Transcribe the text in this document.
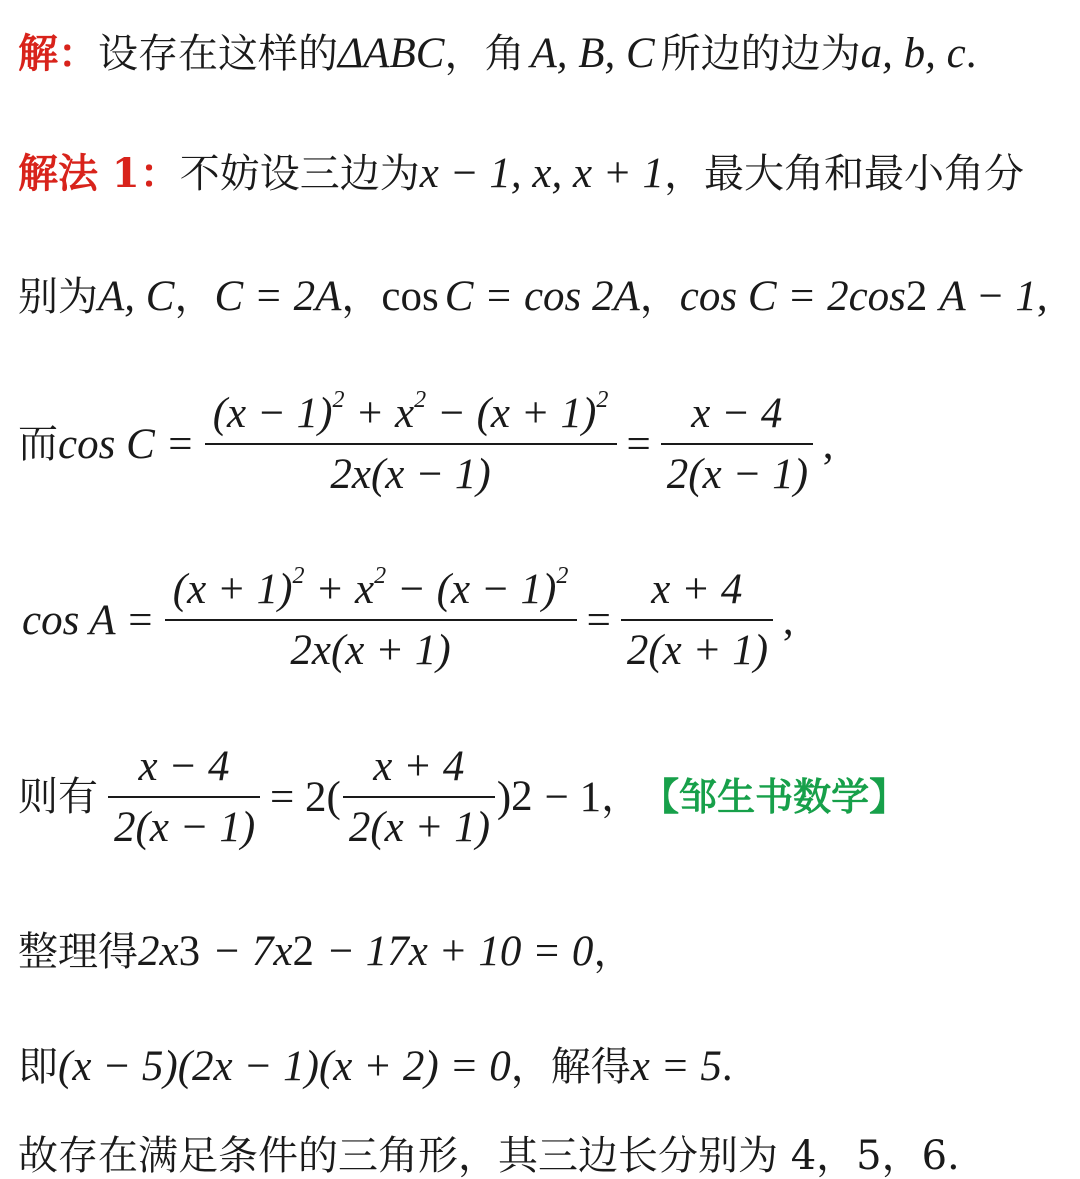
解： 设存在这样的 ΔABC ，角 A, B, C 所边的边为 a, b, c .
解法 1： 不妨设三边为 x − 1, x, x + 1 ，最大角和最小角分
别为 A, C ， C = 2A ， cos C = cos 2A ， cos C = 2cos 2 A − 1 ,
而 $\cos C = \frac{(x - 1)^2 + x^2 - (x + 1)^2}{2x(x - 1)} = \frac{x - 4}{2(x - 1)}$ ,
$\cos A = \frac{(x + 1)^2 + x^2 - (x - 1)^2}{2x(x + 1)} = \frac{x + 4}{2(x + 1)}$ ,
则有 $\frac{x - 4}{2(x - 1)} = 2( \frac{x + 4}{2(x + 1)}$ ) 2 − 1 ， 【邹生书数学】
整理得 2x 3 − 7x 2 − 17x + 10 = 0 ，
即 (x − 5)(2x − 1)(x + 2) = 0 ，解得 x = 5 .
故存在满足条件的三角形，其三边长分别为 4，5，6.
